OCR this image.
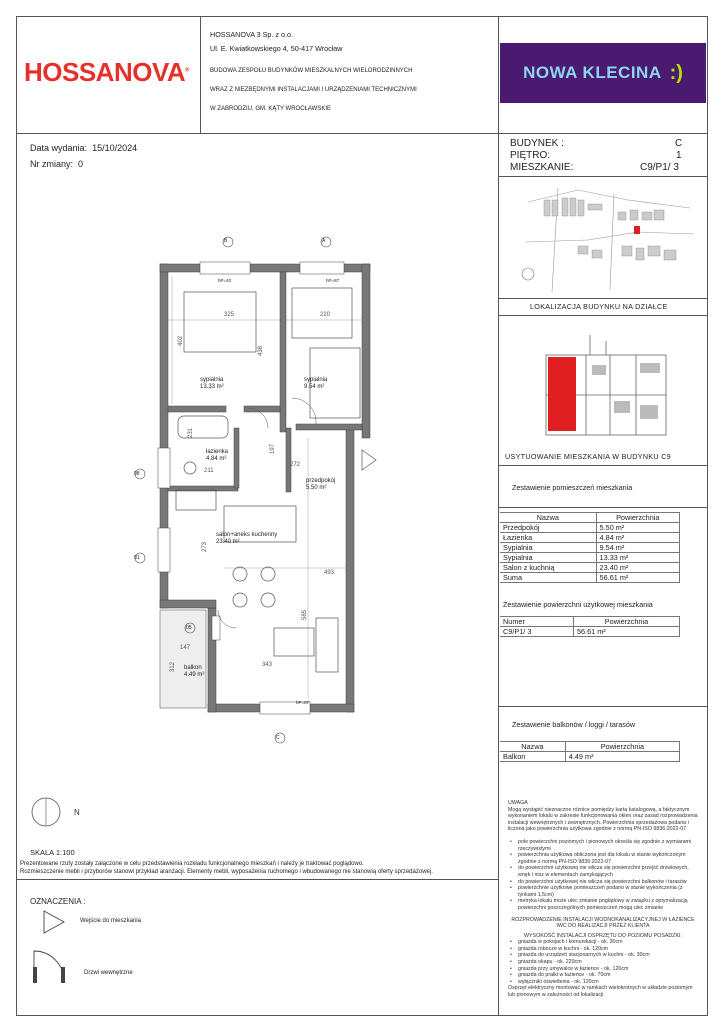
HOSSANOVA®
HOSSANOVA 3 Sp. z o.o.
Ul. E. Kwiatkowskiego 4, 50-417 Wrocław
BUDOWA ZESPOŁU BUDYNKÓW MIESZKALNYCH WIELORODZINNYCH
WRAZ Z NIEZBĘDNYMI INSTALACJAMI I URZĄDZENIAMI TECHNICZNYMI
W ZABRODZIU, GM. KĄTY WROCŁAWSKIE
NOWA KLECINA :)
Data wydania: 15/10/2024
Nr zmiany: 0
BUDYNEK :	C
PIĘTRO:	1
MIESZKANIE:	C9/P1/ 3
LOKALIZACJA BUDYNKU NA DZIAŁCE
USYTUOWANIE MIESZKANIA W BUDYNKU C9
Zestawienie pomieszczeń mieszkania
Nazwa	Powierzchnia
Przedpokój	5.50 m²
Łazienka	4.84 m²
Sypialnia	9.54 m²
Sypialnia	13.33 m²
Salon z kuchnią	23.40 m²
Suma	56.61 m²
Zestawienie powierzchni użytkowej mieszkania
Numer	Powierzchnia
C9/P1/ 3	56.61 m²
Zestawienie balkonów / loggi / tarasów
Nazwa	Powierzchnia
Balkon	4.49 m²
UWAGA
Mogą wystąpić nieznaczne różnice pomiędzy kartą katalogową, a faktycznym wykonaniem lokalu w zakresie funkcjonowania okien oraz zasad rozprowadzenia instalacji wewnętrznych i zewnętrznych. Powierzchnia sprzedażowa podana i liczona jako powierzchnia użytkowa zgodnie z normą PN-ISO 9836:2022-07
• pole powierzchni poziomych i pionowych określa się zgodnie z wymiarami rzeczywistymi
• powierzchnia użytkowa obliczona jest dla lokalu w stanie wykończonym zgodnie z normą PN-ISO 9836:2022-07
• do powierzchni użytkowej nie wlicza się powierzchni przejść drzwiowych, wnęk i nisz w elementach zamykających
• do powierzchni użytkowej nie wlicza się powierzchni balkonów i tarasów
• powierzchnie użytkowe pomieszczeń podano w stanie wykończenia (z tynkami 1,5cm)
• metryka lokalu może ulec zmianie poglądowy w związku z optymalizacją powierzchni poszczególnych pomieszczeń mogą ulec zmianie
ROZPROWADZENIE INSTALACJI WODNOKANALIZACYJNEJ W ŁAZIENCE
IWC DO REALIZACJI PRZEZ KLIENTA
WYSOKOŚĆ INSTALACJI OSPRZĘTU DO POZIOMU POSADZKI:
• gniazda w pokojach i komunikacji - ok. 30cm
• gniazda robocze w kuchni - ok. 120cm
• gniazda do urządzeń stacjonarnych w kuchni - ok. 30cm
• gniazda okapu - ok. 220cm
• gniazda przy umywalce w łazience - ok. 120cm
• gniazda do pralki w łazience - ok. 70cm
• wyłączniki oświetlenia - ok. 120cm
Osprzęt elektryczny montować w ramkach wielokrotnych w układzie poziomym lub pionowym w zależności od lokalizacji
B	A
08
01
05
C
hP=40	hP=87
hP=87
sypialnia
13.33 m²
sypialnia
9.54 m²
łazienka
4.84 m²
przedpokój
5.50 m²
salon+aneks kuchenny
23.40 m²
balkon
4.49 m²
325	220
402
438
231
211
272
197
493
585
343
147
312
273
N
SKALA 1:100
Prezentowane rzuty zostały załączone w celu przedstawienia rozkładu funkcjonalnego mieszkań i należy je traktować poglądowo.
Rozmieszczenie mebli i przyborów stanowi przykład aranżacji. Elementy mebli, wyposażenia ruchomego i wbudowanego nie stanowią oferty sprzedażowej.
OZNACZENIA :
Wejście do mieszkania
Drzwi wewnętrzne
